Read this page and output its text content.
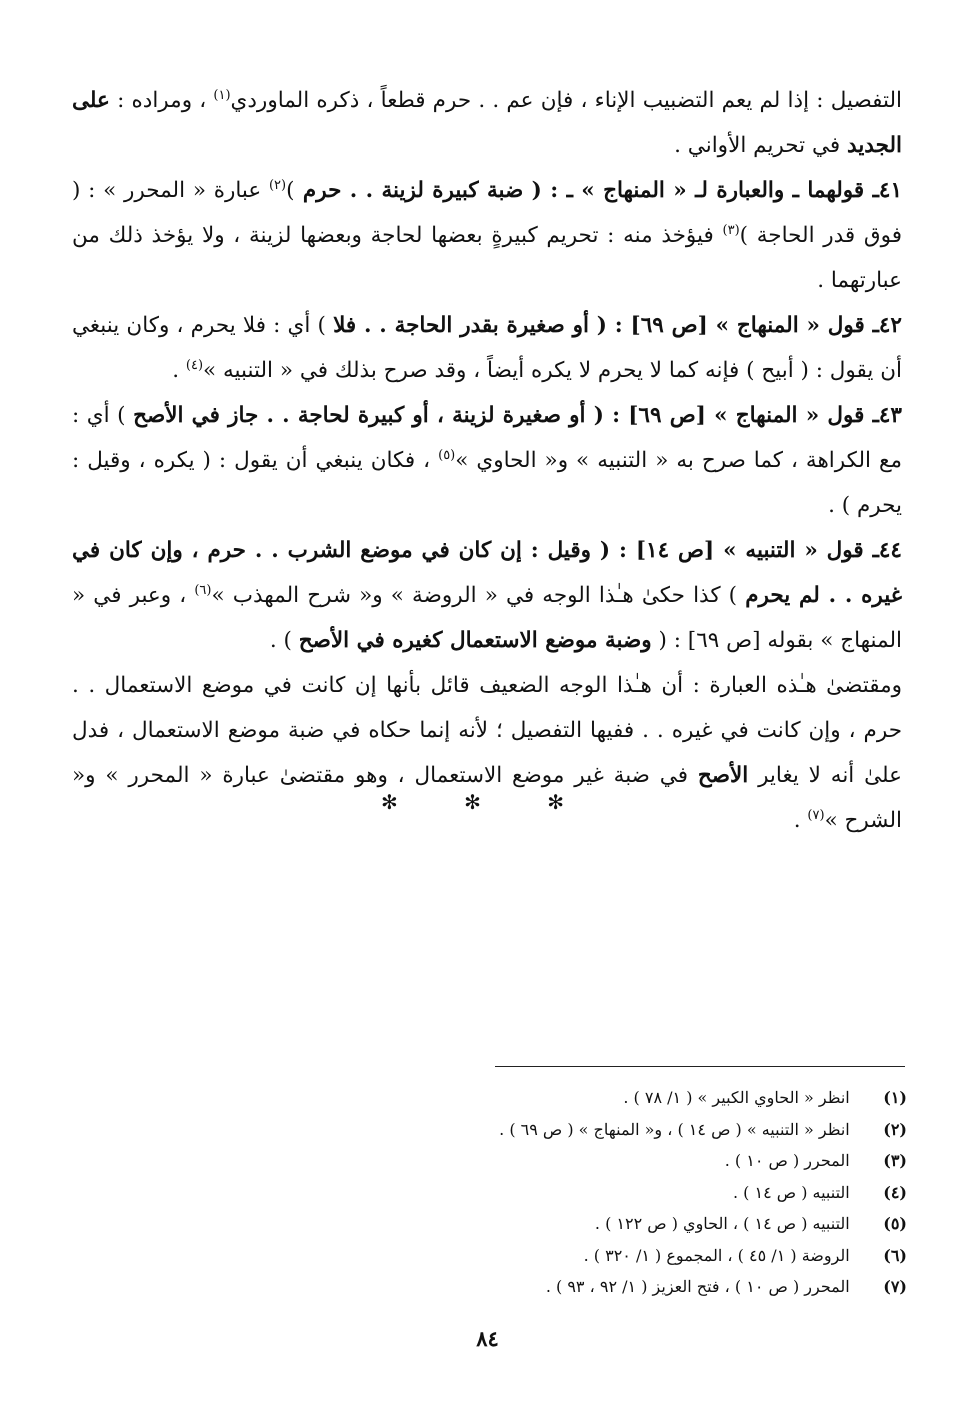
التفصيل : إذا لم يعم التضبيب الإناء ، فإن عم . . حرم قطعاً ، ذكره الماوردي$^{(١)}$ ، ومراده : على الجديد في تحريم الأواني .

٤١ـ قولهما ـ والعبارة لـ « المنهاج » ـ : ( ضبة كبيرة لزينة . . حرم )$^{(٢)}$ عبارة « المحرر » : ( فوق قدر الحاجة )$^{(٣)}$ فيؤخذ منه : تحريم كبيرةٍ بعضها لحاجة وبعضها لزينة ، ولا يؤخذ ذلك من عبارتهما .

٤٢ـ قول « المنهاج » [ص ٦٩] : ( أو صغيرة بقدر الحاجة . . فلا ) أي : فلا يحرم ، وكان ينبغي أن يقول : ( أبيح ) فإنه كما لا يحرم لا يكره أيضاً ، وقد صرح بذلك في « التنبيه »$^{(٤)}$ .

٤٣ـ قول « المنهاج » [ص ٦٩] : ( أو صغيرة لزينة ، أو كبيرة لحاجة . . جاز في الأصح ) أي : مع الكراهة ، كما صرح به « التنبيه » و« الحاوي »$^{(٥)}$ ، فكان ينبغي أن يقول : ( يكره ، وقيل : يحرم ) .

٤٤ـ قول « التنبيه » [ص ١٤] : ( وقيل : إن كان في موضع الشرب . . حرم ، وإن كان في غيره . . لم يحرم ) كذا حكىٰ هـٰذا الوجه في « الروضة » و« شرح المهذب »$^{(٦)}$ ، وعبر في « المنهاج » بقوله [ص ٦٩] : ( وضبة موضع الاستعمال كغيره في الأصح ) .

ومقتضىٰ هـٰذه العبارة : أن هـٰذا الوجه الضعيف قائل بأنها إن كانت في موضع الاستعمال . . حرم ، وإن كانت في غيره . . ففيها التفصيل ؛ لأنه إنما حكاه في ضبة موضع الاستعمال ، فدل علىٰ أنه لا يغاير الأصح في ضبة غير موضع الاستعمال ، وهو مقتضىٰ عبارة « المحرر » و« الشرح »$^{(٧)}$ .

✻ ✻ ✻
(١)   انظر « الحاوي الكبير » ( ١/ ٧٨ ) .
(٢)   انظر « التنبيه » ( ص ١٤ ) ، و« المنهاج » ( ص ٦٩ ) .
(٣)   المحرر ( ص ١٠ ) .
(٤)   التنبيه ( ص ١٤ ) .
(٥)   التنبيه ( ص ١٤ ) ، الحاوي ( ص ١٢٢ ) .
(٦)   الروضة ( ١/ ٤٥ ) ، المجموع ( ١/ ٣٢٠ ) .
(٧)   المحرر ( ص ١٠ ) ، فتح العزيز ( ١/ ٩٢ ، ٩٣ ) .
٨٤
